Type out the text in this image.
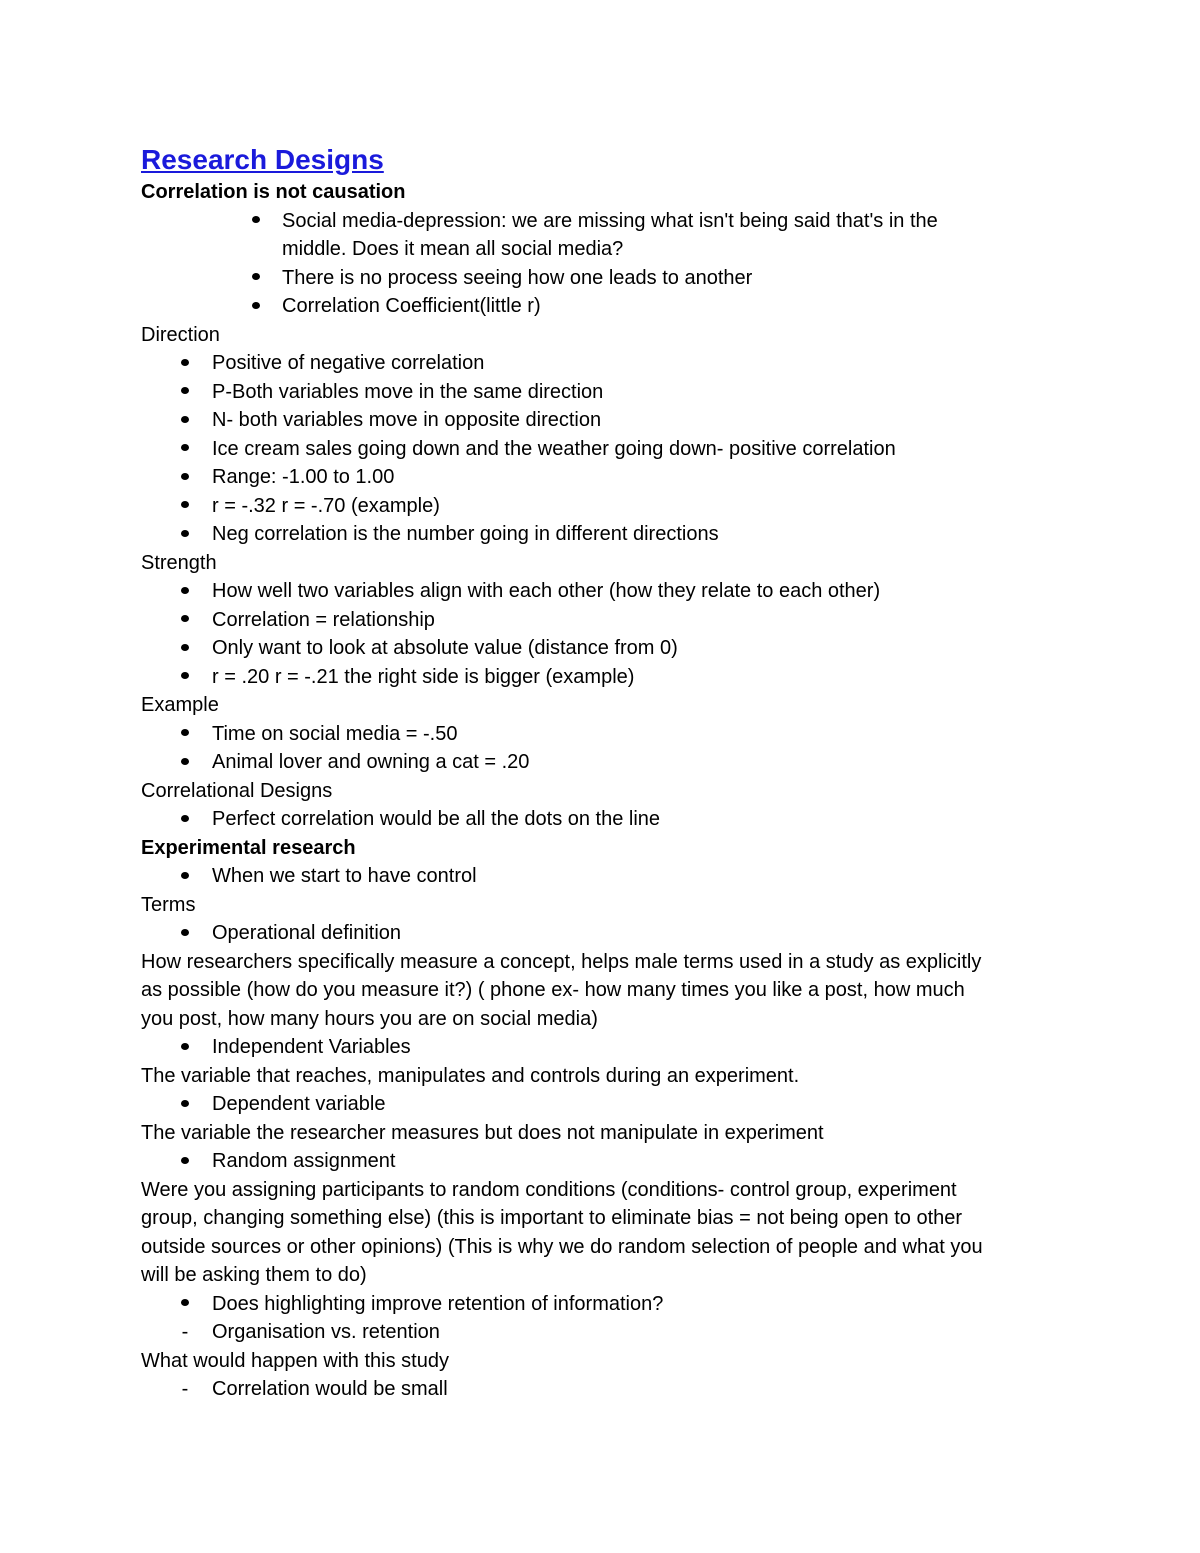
Research Designs
Correlation is not causation
Social media-depression: we are missing what isn't being said that's in the
middle. Does it mean all social media?
There is no process seeing how one leads to another
Correlation Coefficient(little r)
Direction
Positive of negative correlation
P-Both variables move in the same direction
N- both variables move in opposite direction
Ice cream sales going down and the weather going down- positive correlation
Range: -1.00 to 1.00
r = -.32 r = -.70 (example)
Neg correlation is the number going in different directions
Strength
How well two variables align with each other (how they relate to each other)
Correlation = relationship
Only want to look at absolute value (distance from 0)
r = .20 r = -.21 the right side is bigger (example)
Example
Time on social media = -.50
Animal lover and owning a cat = .20
Correlational Designs
Perfect correlation would be all the dots on the line
Experimental research
When we start to have control
Terms
Operational definition
How researchers specifically measure a concept, helps male terms used in a study as explicitly
as possible (how do you measure it?) ( phone ex- how many times you like a post, how much
you post, how many hours you are on social media)
Independent Variables
The variable that reaches, manipulates and controls during an experiment.
Dependent variable
The variable the researcher measures but does not manipulate in experiment
Random assignment
Were you assigning participants to random conditions (conditions- control group, experiment
group, changing something else) (this is important to eliminate bias = not being open to other
outside sources or other opinions) (This is why we do random selection of people and what you
will be asking them to do)
Does highlighting improve retention of information?
- Organisation vs. retention
What would happen with this study
- Correlation would be small
